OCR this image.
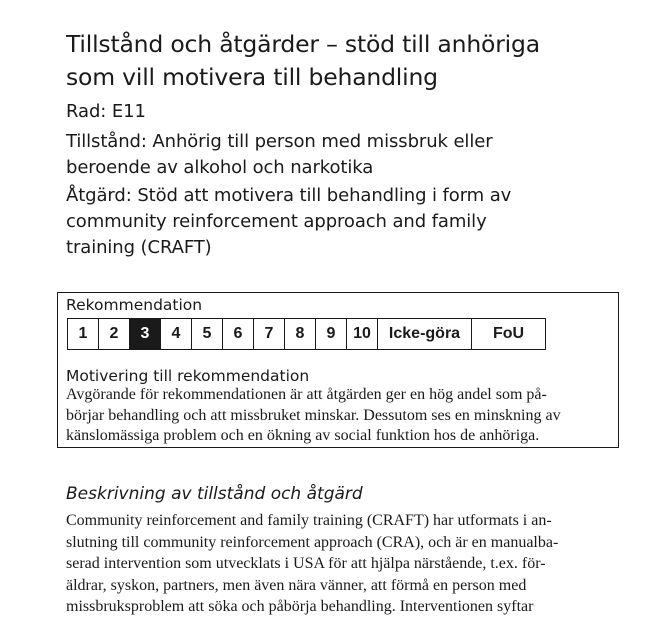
Tillstånd och åtgärder – stöd till anhöriga
som vill motivera till behandling

Rad: E11

Tillstånd: Anhörig till person med missbruk eller
beroende av alkohol och narkotika

Åtgärd: Stöd att motivera till behandling i form av
community reinforcement approach and family
training (CRAFT)

Rekommendation
1	2	3	4	5	6	7	8	9	10	Icke-göra	FoU
Motivering till rekommendation

Avgörande för rekommendationen är att åtgärden ger en hög andel som på-
börjar behandling och att missbruket minskar. Dessutom ses en minskning av
känslomässiga problem och en ökning av social funktion hos de anhöriga.

Beskrivning av tillstånd och åtgärd

Community reinforcement and family training (CRAFT) har utformats i an-
slutning till community reinforcement approach (CRA), och är en manualba-
serad intervention som utvecklats i USA för att hjälpa närstående, t.ex. för-
äldrar, syskon, partners, men även nära vänner, att förmå en person med
missbruksproblem att söka och påbörja behandling. Interventionen syftar
